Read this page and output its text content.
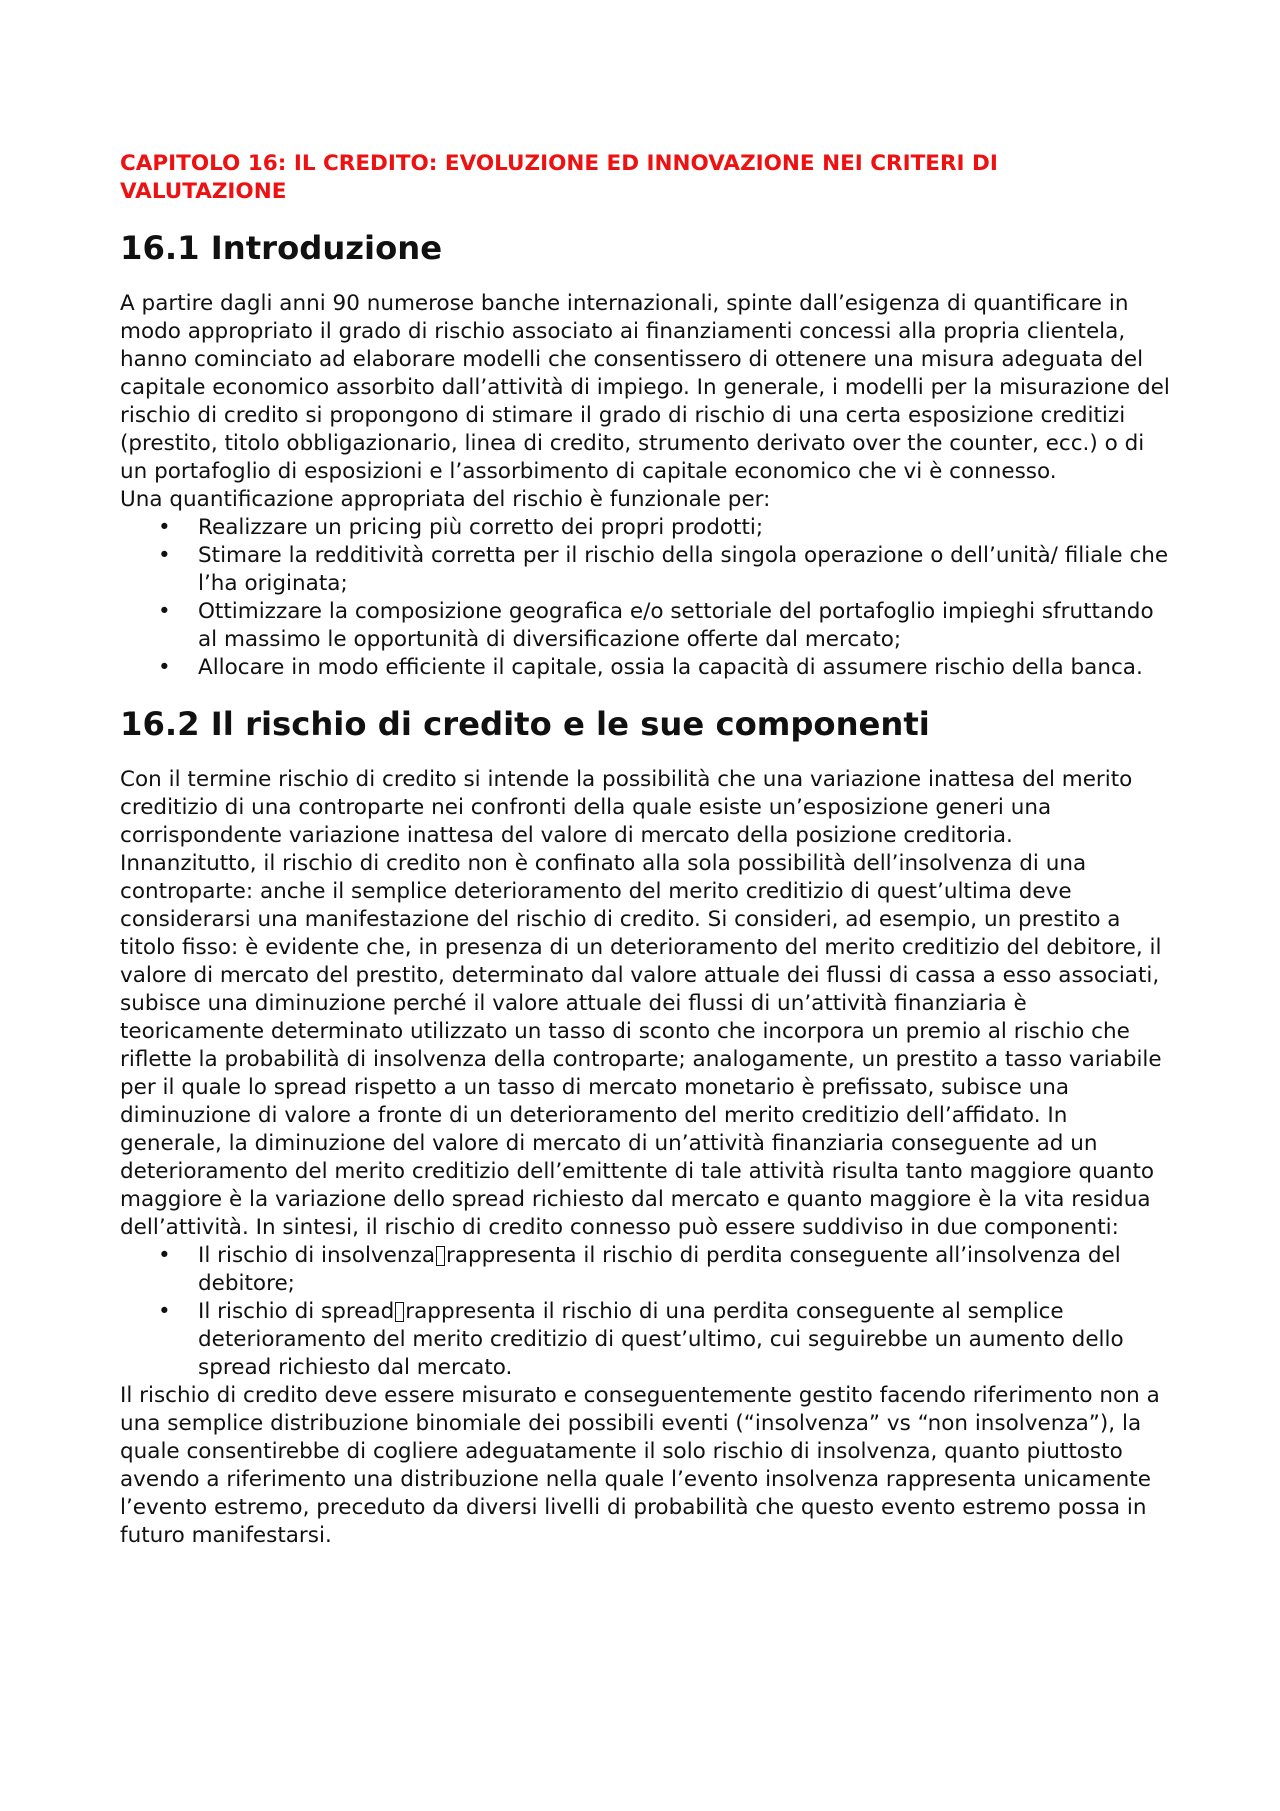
CAPITOLO 16: IL CREDITO: EVOLUZIONE ED INNOVAZIONE NEI CRITERI DI VALUTAZIONE
16.1 Introduzione

A partire dagli anni 90 numerose banche internazionali, spinte dall’esigenza di quantificare in modo appropriato il grado di rischio associato ai finanziamenti concessi alla propria clientela, hanno cominciato ad elaborare modelli che consentissero di ottenere una misura adeguata del capitale economico assorbito dall’attività di impiego. In generale, i modelli per la misurazione del rischio di credito si propongono di stimare il grado di rischio di una certa esposizione creditizi (prestito, titolo obbligazionario, linea di credito, strumento derivato over the counter, ecc.) o di un portafoglio di esposizioni e l’assorbimento di capitale economico che vi è connesso.

Una quantificazione appropriata del rischio è funzionale per:

• Realizzare un pricing più corretto dei propri prodotti;
• Stimare la redditività corretta per il rischio della singola operazione o dell’unità/ filiale che l’ha originata;
• Ottimizzare la composizione geografica e/o settoriale del portafoglio impieghi sfruttando al massimo le opportunità di diversificazione offerte dal mercato;
• Allocare in modo efficiente il capitale, ossia la capacità di assumere rischio della banca.
16.2 Il rischio di credito e le sue componenti

Con il termine rischio di credito si intende la possibilità che una variazione inattesa del merito creditizio di una controparte nei confronti della quale esiste un’esposizione generi una corrispondente variazione inattesa del valore di mercato della posizione creditoria.

Innanzitutto, il rischio di credito non è confinato alla sola possibilità dell’insolvenza di una controparte: anche il semplice deterioramento del merito creditizio di quest’ultima deve considerarsi una manifestazione del rischio di credito. Si consideri, ad esempio, un prestito a titolo fisso: è evidente che, in presenza di un deterioramento del merito creditizio del debitore, il valore di mercato del prestito, determinato dal valore attuale dei flussi di cassa a esso associati, subisce una diminuzione perché il valore attuale dei flussi di un’attività finanziaria è teoricamente determinato utilizzato un tasso di sconto che incorpora un premio al rischio che riflette la probabilità di insolvenza della controparte; analogamente, un prestito a tasso variabile per il quale lo spread rispetto a un tasso di mercato monetario è prefissato, subisce una diminuzione di valore a fronte di un deterioramento del merito creditizio dell’affidato. In generale, la diminuzione del valore di mercato di un’attività finanziaria conseguente ad un deterioramento del merito creditizio dell’emittente di tale attività risulta tanto maggiore quanto maggiore è la variazione dello spread richiesto dal mercato e quanto maggiore è la vita residua dell’attività. In sintesi, il rischio di credito connesso può essere suddiviso in due componenti:

• Il rischio di insolvenza rappresenta il rischio di perdita conseguente all’insolvenza del debitore;
• Il rischio di spread rappresenta il rischio di una perdita conseguente al semplice deterioramento del merito creditizio di quest’ultimo, cui seguirebbe un aumento dello spread richiesto dal mercato.

Il rischio di credito deve essere misurato e conseguentemente gestito facendo riferimento non a una semplice distribuzione binomiale dei possibili eventi (“insolvenza” vs “non insolvenza”), la quale consentirebbe di cogliere adeguatamente il solo rischio di insolvenza, quanto piuttosto avendo a riferimento una distribuzione nella quale l’evento insolvenza rappresenta unicamente l’evento estremo, preceduto da diversi livelli di probabilità che questo evento estremo possa in futuro manifestarsi.
